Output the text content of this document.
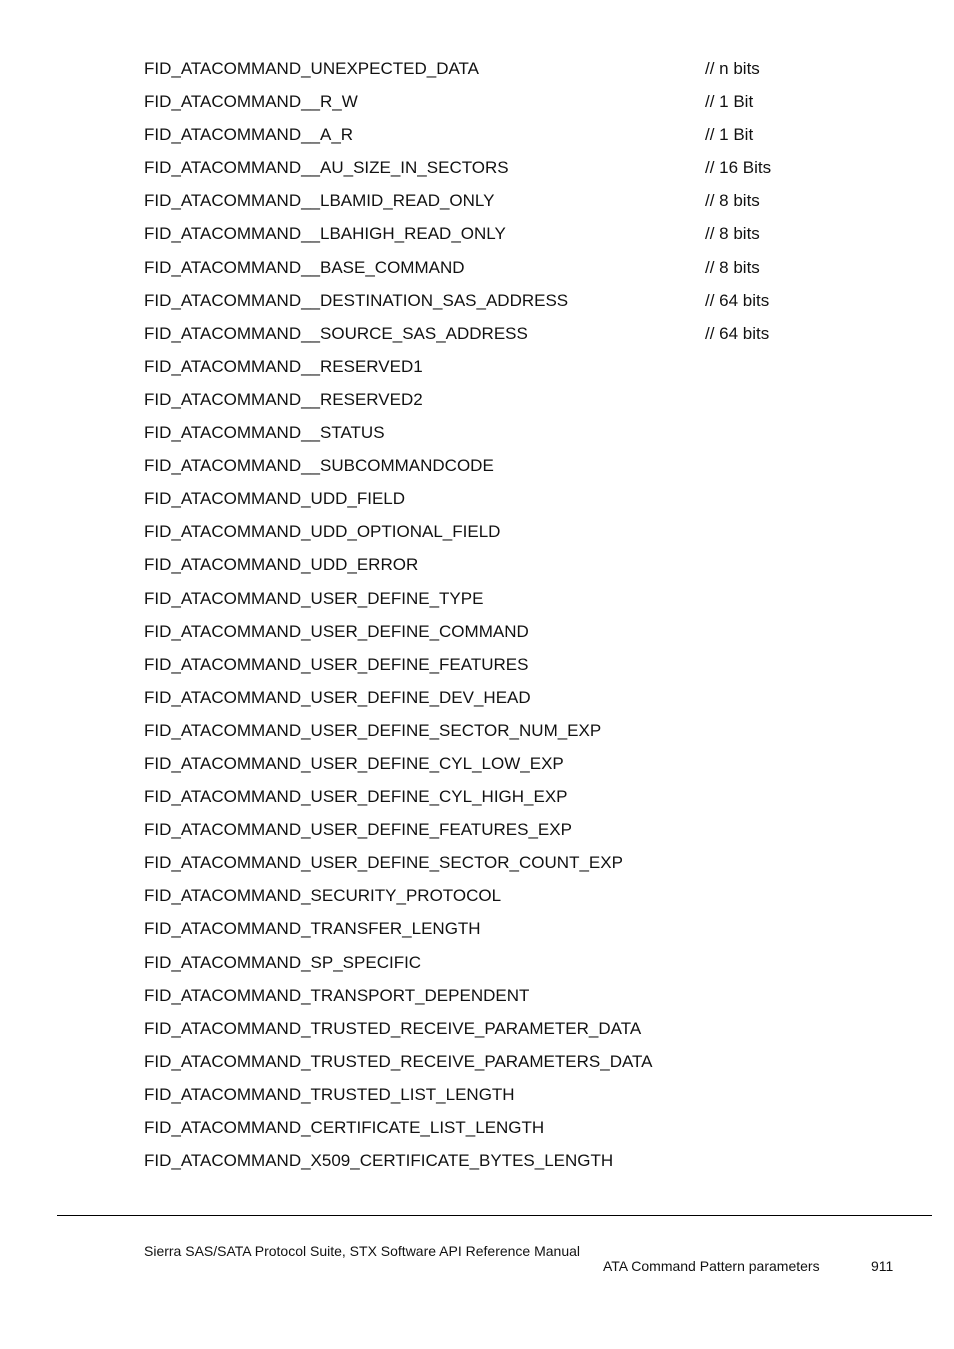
FID_ATACOMMAND_UNEXPECTED_DATA	// n bits
FID_ATACOMMAND__R_W	// 1 Bit
FID_ATACOMMAND__A_R	// 1 Bit
FID_ATACOMMAND__AU_SIZE_IN_SECTORS	// 16 Bits
FID_ATACOMMAND__LBAMID_READ_ONLY	// 8 bits
FID_ATACOMMAND__LBAHIGH_READ_ONLY	// 8 bits
FID_ATACOMMAND__BASE_COMMAND	// 8 bits
FID_ATACOMMAND__DESTINATION_SAS_ADDRESS	// 64 bits
FID_ATACOMMAND__SOURCE_SAS_ADDRESS	// 64 bits
FID_ATACOMMAND__RESERVED1
FID_ATACOMMAND__RESERVED2
FID_ATACOMMAND__STATUS
FID_ATACOMMAND__SUBCOMMANDCODE
FID_ATACOMMAND_UDD_FIELD
FID_ATACOMMAND_UDD_OPTIONAL_FIELD
FID_ATACOMMAND_UDD_ERROR
FID_ATACOMMAND_USER_DEFINE_TYPE
FID_ATACOMMAND_USER_DEFINE_COMMAND
FID_ATACOMMAND_USER_DEFINE_FEATURES
FID_ATACOMMAND_USER_DEFINE_DEV_HEAD
FID_ATACOMMAND_USER_DEFINE_SECTOR_NUM_EXP
FID_ATACOMMAND_USER_DEFINE_CYL_LOW_EXP
FID_ATACOMMAND_USER_DEFINE_CYL_HIGH_EXP
FID_ATACOMMAND_USER_DEFINE_FEATURES_EXP
FID_ATACOMMAND_USER_DEFINE_SECTOR_COUNT_EXP
FID_ATACOMMAND_SECURITY_PROTOCOL
FID_ATACOMMAND_TRANSFER_LENGTH
FID_ATACOMMAND_SP_SPECIFIC
FID_ATACOMMAND_TRANSPORT_DEPENDENT
FID_ATACOMMAND_TRUSTED_RECEIVE_PARAMETER_DATA
FID_ATACOMMAND_TRUSTED_RECEIVE_PARAMETERS_DATA
FID_ATACOMMAND_TRUSTED_LIST_LENGTH
FID_ATACOMMAND_CERTIFICATE_LIST_LENGTH
FID_ATACOMMAND_X509_CERTIFICATE_BYTES_LENGTH
Sierra SAS/SATA Protocol Suite, STX Software API Reference Manual
ATA Command Pattern parameters	911
